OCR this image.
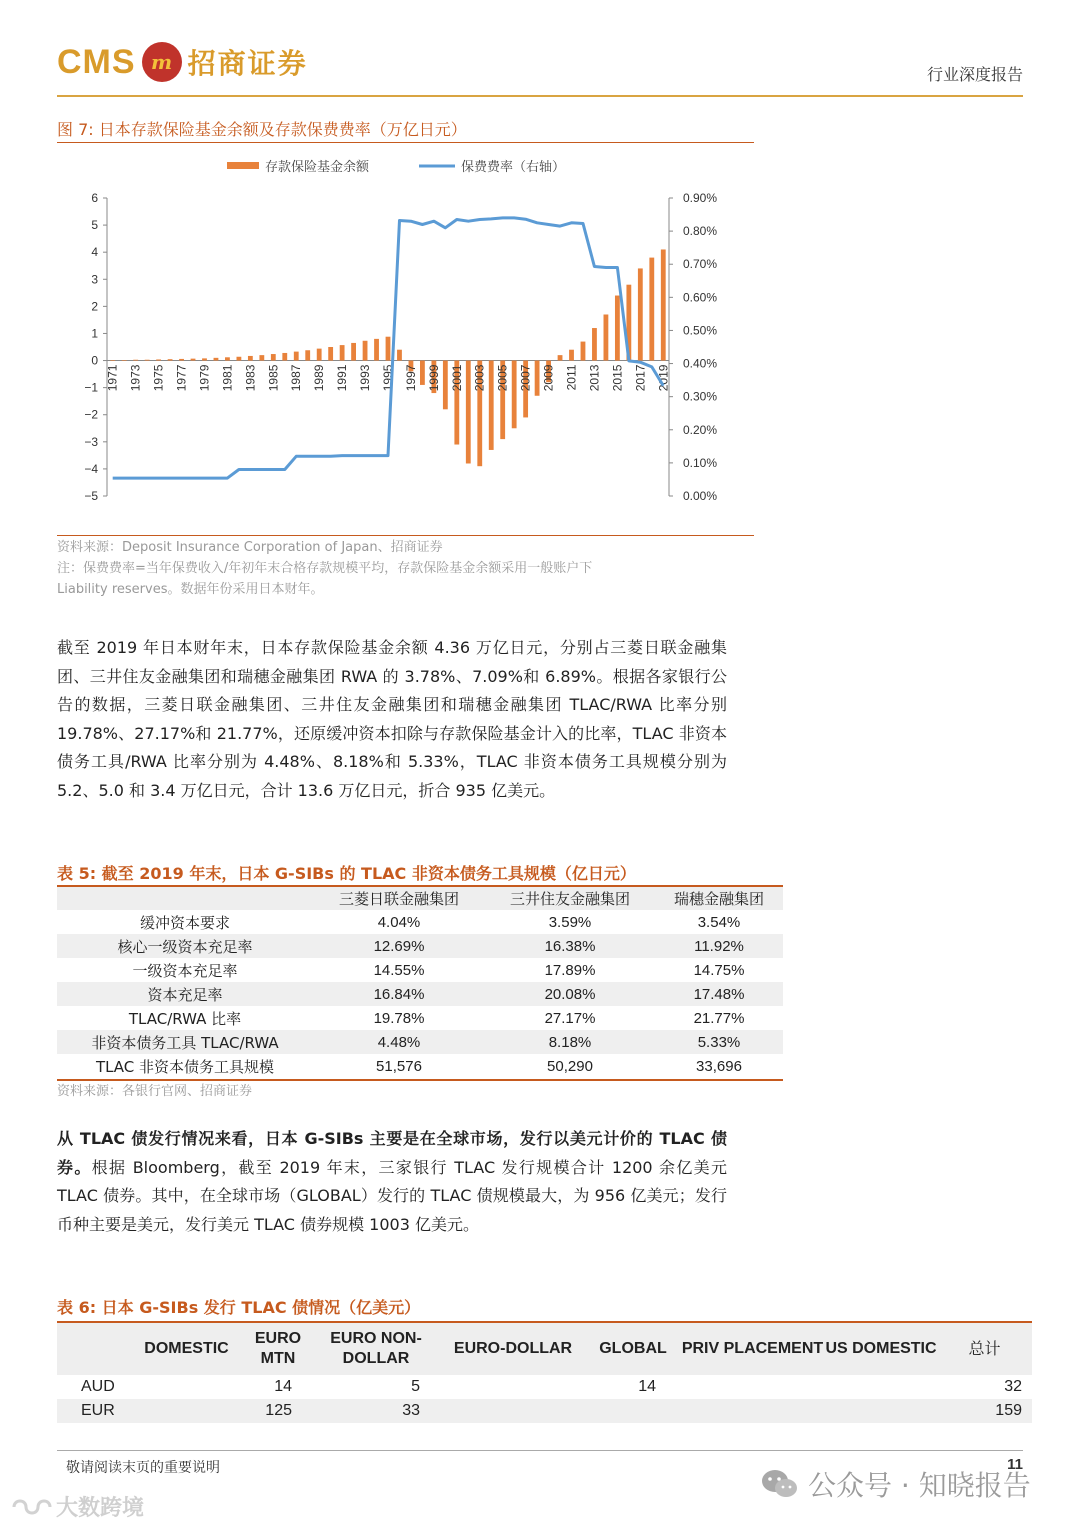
CMS m 招商证券	行业深度报告
图 7: 日本存款保险基金余额及存款保费费率（万亿日元）
存款保险基金余额	保费费率（右轴）
6
5
4
3
2
1
0
−1
−2
−3
−4
−5
0.90%
0.80%
0.70%
0.60%
0.50%
0.40%
0.30%
0.20%
0.10%
0.00%
1971 1973 1975 1977 1979 1981 1983 1985 1987 1989 1991 1993 1995 1997 1999 2001 2003 2005 2007 2009 2011 2013 2015 2017 2019
资料来源：Deposit Insurance Corporation of Japan、招商证券
注：保费费率=当年保费收入/年初年末合格存款规模平均，存款保险基金余额采用一般账户下
Liability reserves。数据年份采用日本财年。
截至 2019 年日本财年末，日本存款保险基金余额 4.36 万亿日元，分别占三菱日联金融集团、三井住友金融集团和瑞穗金融集团 RWA 的 3.78%、7.09%和 6.89%。根据各家银行公告的数据，三菱日联金融集团、三井住友金融集团和瑞穗金融集团 TLAC/RWA 比率分别 19.78%、27.17%和 21.77%，还原缓冲资本扣除与存款保险基金计入的比率，TLAC 非资本债务工具/RWA 比率分别为 4.48%、8.18%和 5.33%，TLAC 非资本债务工具规模分别为 5.2、5.0 和 3.4 万亿日元，合计 13.6 万亿日元，折合 935 亿美元。
表 5: 截至 2019 年末，日本 G-SIBs 的 TLAC 非资本债务工具规模（亿日元）
	三菱日联金融集团	三井住友金融集团	瑞穗金融集团
缓冲资本要求	4.04%	3.59%	3.54%
核心一级资本充足率	12.69%	16.38%	11.92%
一级资本充足率	14.55%	17.89%	14.75%
资本充足率	16.84%	20.08%	17.48%
TLAC/RWA 比率	19.78%	27.17%	21.77%
非资本债务工具 TLAC/RWA	4.48%	8.18%	5.33%
TLAC 非资本债务工具规模	51,576	50,290	33,696
资料来源：各银行官网、招商证券
从 TLAC 债发行情况来看，日本 G-SIBs 主要是在全球市场，发行以美元计价的 TLAC 债券。根据 Bloomberg，截至 2019 年末，三家银行 TLAC 发行规模合计 1200 余亿美元 TLAC 债券。其中，在全球市场（GLOBAL）发行的 TLAC 债规模最大，为 956 亿美元；发行币种主要是美元，发行美元 TLAC 债券规模 1003 亿美元。
表 6: 日本 G-SIBs 发行 TLAC 债情况（亿美元）
	DOMESTIC	EURO MTN	EURO NON-DOLLAR	EURO-DOLLAR	GLOBAL	PRIV PLACEMENT	US DOMESTIC	总计
AUD		14	5		14			32
EUR		125	33					159
敬请阅读末页的重要说明	11
公众号 · 知晓报告
大数跨境
